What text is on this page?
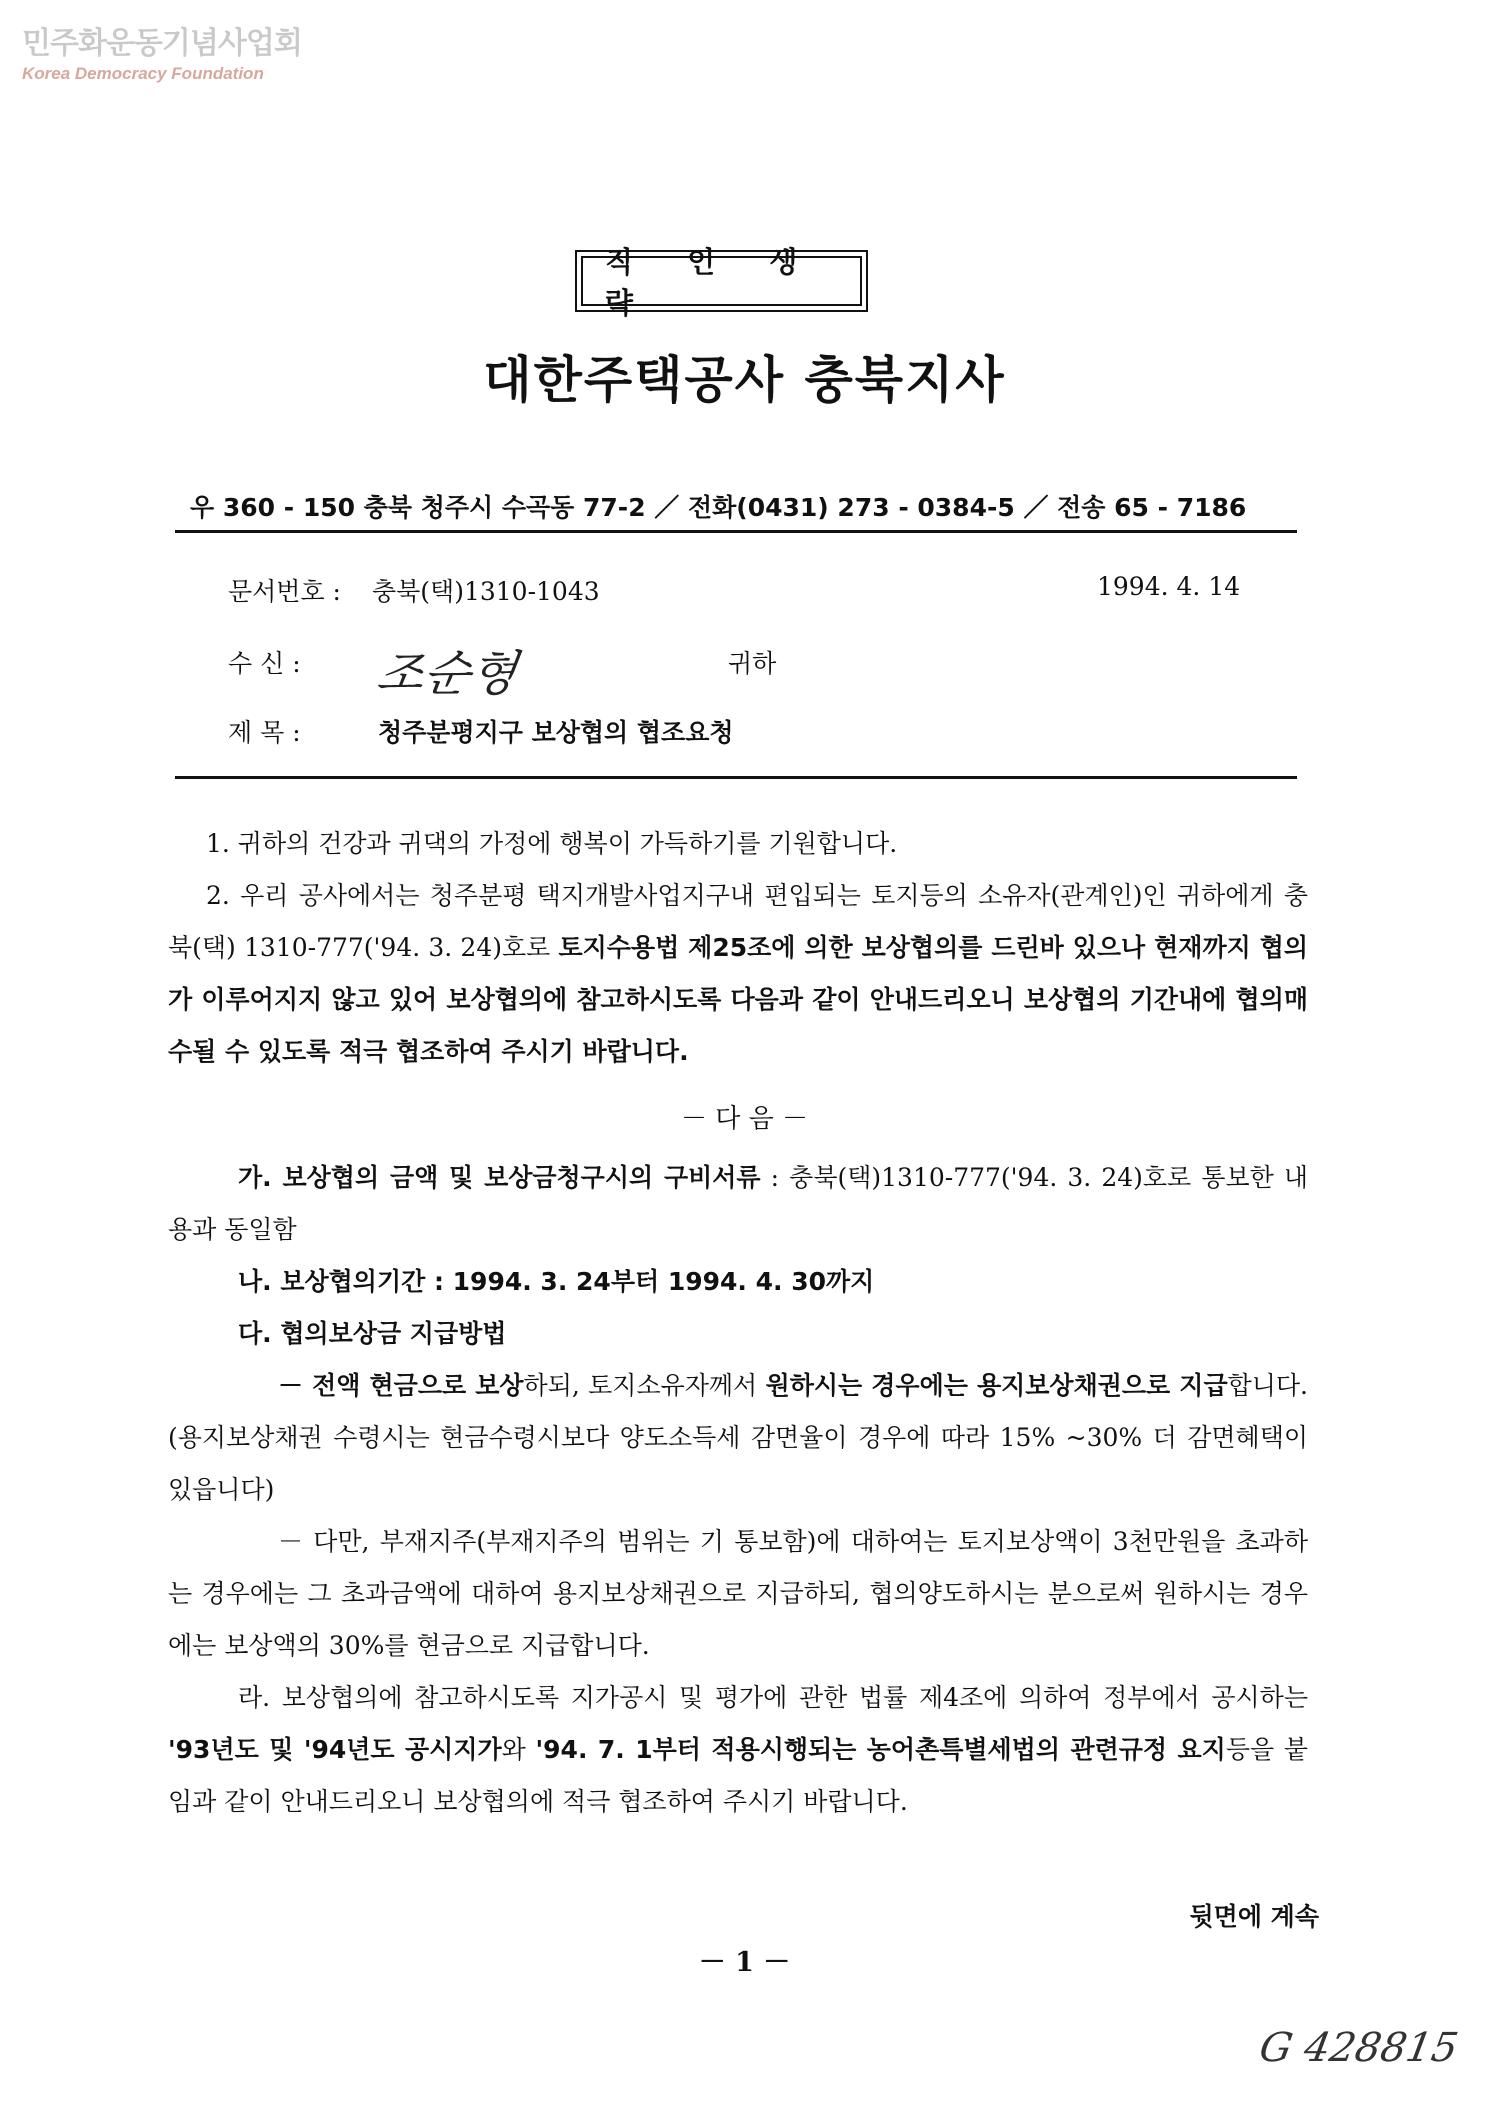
민주화운동기념사업회
Korea Democracy Foundation
직 인 생 략
대한주택공사 충북지사
우 360 - 150 충북 청주시 수곡동 77-2 ／ 전화(0431) 273 - 0384-5 ／ 전송 65 - 7186
문서번호 : 충북(택)1310-1043	1994. 4. 14
수 신 : 조순형	귀하
제 목 :	청주분평지구 보상협의 협조요청
1. 귀하의 건강과 귀댁의 가정에 행복이 가득하기를 기원합니다.
2. 우리 공사에서는 청주분평 택지개발사업지구내 편입되는 토지등의 소유자(관계인)인 귀하에게 충북(택) 1310-777('94. 3. 24)호로 토지수용법 제25조에 의한 보상협의를 드린바 있으나 현재까지 협의가 이루어지지 않고 있어 보상협의에 참고하시도록 다음과 같이 안내드리오니 보상협의 기간내에 협의매수될 수 있도록 적극 협조하여 주시기 바랍니다.
－ 다 음 －
가. 보상협의 금액 및 보상금청구시의 구비서류 : 충북(택)1310-777('94. 3. 24)호로 통보한 내용과 동일함
나. 보상협의기간 : 1994. 3. 24부터 1994. 4. 30까지
다. 협의보상금 지급방법
－ 전액 현금으로 보상하되, 토지소유자께서 원하시는 경우에는 용지보상채권으로 지급합니다. (용지보상채권 수령시는 현금수령시보다 양도소득세 감면율이 경우에 따라 15% ~30% 더 감면혜택이 있읍니다)
－ 다만, 부재지주(부재지주의 범위는 기 통보함)에 대하여는 토지보상액이 3천만원을 초과하는 경우에는 그 초과금액에 대하여 용지보상채권으로 지급하되, 협의양도하시는 분으로써 원하시는 경우에는 보상액의 30%를 현금으로 지급합니다.
라. 보상협의에 참고하시도록 지가공시 및 평가에 관한 법률 제4조에 의하여 정부에서 공시하는 '93년도 및 '94년도 공시지가와 '94. 7. 1부터 적용시행되는 농어촌특별세법의 관련규정 요지등을 붙임과 같이 안내드리오니 보상협의에 적극 협조하여 주시기 바랍니다.
뒷면에 계속
－ 1 －
G 428815
